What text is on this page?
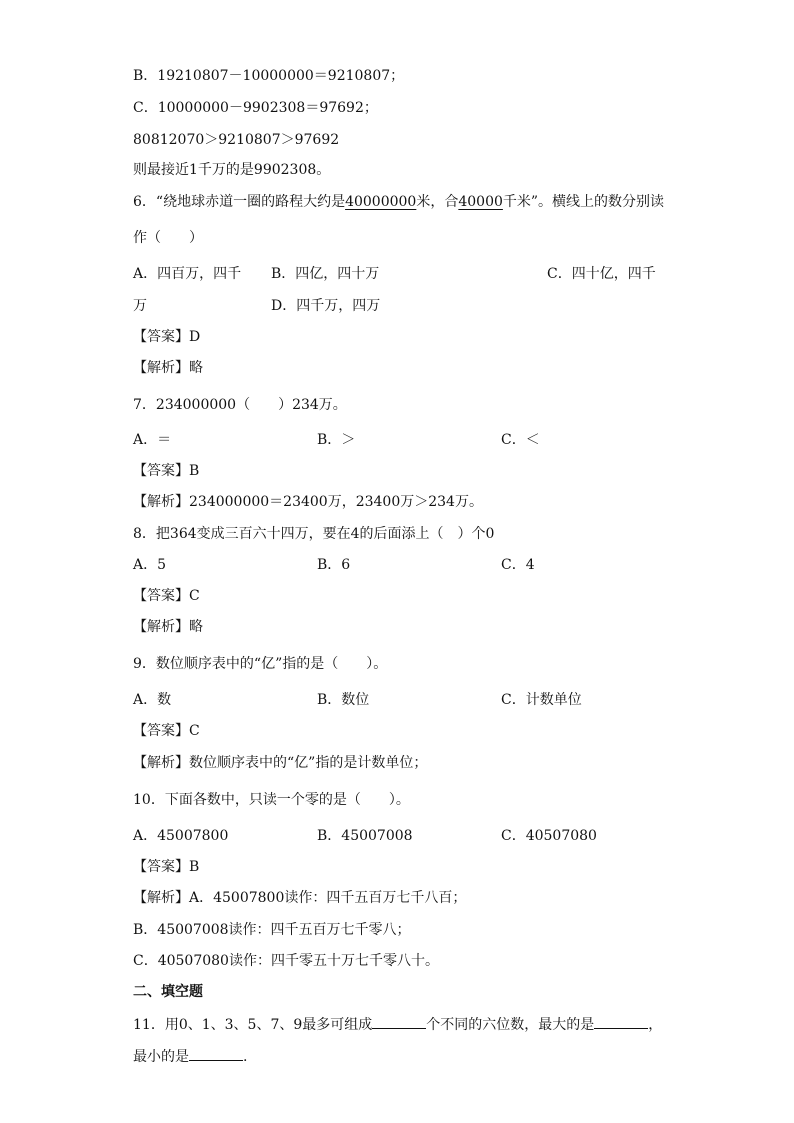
B．19210807－10000000＝9210807；
C．10000000－9902308＝97692；
80812070＞9210807＞97692
则最接近1千万的是9902308。
6．“绕地球赤道一圈的路程大约是40000000米，合40000千米”。横线上的数分别读
作（　　）
A．四百万，四千 B．四亿，四十万	C．四十亿，四千
万	D．四千万，四万
【答案】D
【解析】略
7．234000000（　　）234万。
A．＝	B．＞	C．＜
【答案】B
【解析】234000000＝23400万，23400万＞234万。
8．把364变成三百六十四万，要在4的后面添上（　）个0
A．5	B．6	C．4
【答案】C
【解析】略
9．数位顺序表中的“亿”指的是（　　）。
A．数	B．数位	C．计数单位
【答案】C
【解析】数位顺序表中的“亿”指的是计数单位；
10．下面各数中，只读一个零的是（　　）。
A．45007800	B．45007008	C．40507080
【答案】B
【解析】A．45007800读作：四千五百万七千八百；
B．45007008读作：四千五百万七千零八；
C．40507080读作：四千零五十万七千零八十。
二、填空题
11．用0、1、3、5、7、9最多可组成	个不同的六位数，最大的是	，
最小的是	.
